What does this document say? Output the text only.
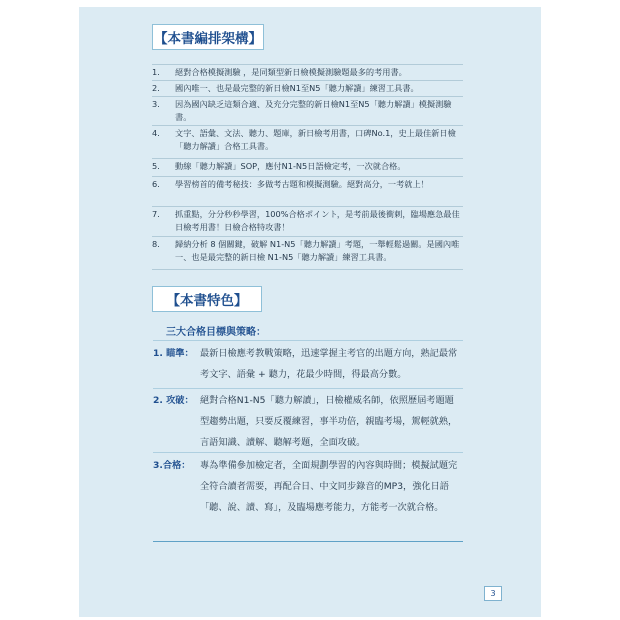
【本書編排架構】
1.	絕對合格模擬測驗 ，是同類型新日檢模擬測驗題最多的考用書。
2.	國內唯一、也是最完整的新日檢N1至N5「聽力解讀」練習工具書。
3.	因為國內缺乏這類合適、及充分完整的新日檢N1至N5「聽力解讀」模擬測驗書。
4.	文字、語彙、文法、聽力、題庫，新日檢考用書，口碑No.1，史上最佳新日檢「聽力解讀」合格工具書。
5.	動線「聽力解讀」SOP，應付N1-N5日語檢定考，一次就合格。
6.	學習榜首的備考秘技：多做考古題和模擬測驗。絕對高分，一考就上！
7.	抓重點，分分秒秒學習，100%合格ポイント，是考前最後衝刺，臨場應急最佳日檢考用書！日檢合格特攻書！
8.	歸納分析 8 個關鍵，破解 N1-N5「聽力解讀」考題，一舉輕鬆過關。是國內唯一、也是最完整的新日檢 N1-N5「聽力解讀」練習工具書。
【本書特色】
三大合格目標與策略：
1. 瞄準： 最新日檢應考教戰策略，迅速掌握主考官的出題方向，熟記最常考文字、語彙 + 聽力，花最少時間，得最高分數。
2. 攻破： 絕對合格N1-N5「聽力解讀」，日檢權威名師，依照歷屆考題題型趨勢出題，只要反覆練習，事半功倍，親臨考場，駕輕就熟，言語知識、讀解、聽解考題，全面攻破。
3.合格： 專為準備參加檢定者，全面規劃學習的內容與時間；模擬試題完全符合讀者需要，再配合日、中文同步錄音的MP3，強化日語「聽、說、讀、寫」，及臨場應考能力，方能考一次就合格。
3
